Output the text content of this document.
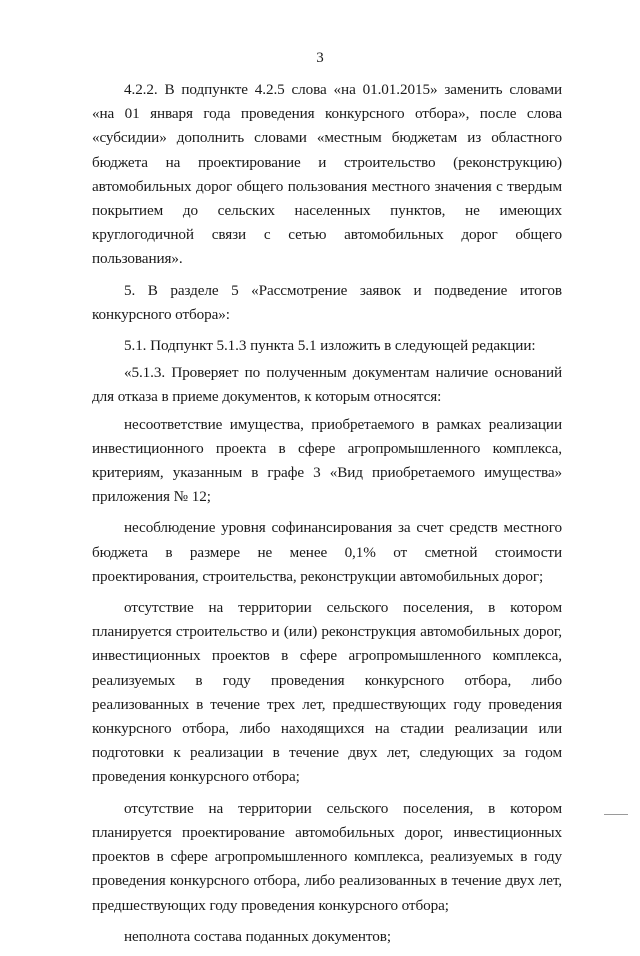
3

4.2.2. В подпункте 4.2.5 слова «на 01.01.2015» заменить словами «на 01 января года проведения конкурсного отбора», после слова «субсидии» дополнить словами «местным бюджетам из областного бюджета на проектирование и строительство (реконструкцию) автомобильных дорог общего пользования местного значения с твердым покрытием до сельских населенных пунктов, не имеющих круглогодичной связи с сетью автомобильных дорог общего пользования».

5. В разделе 5 «Рассмотрение заявок и подведение итогов конкурсного отбора»:

5.1. Подпункт 5.1.3 пункта 5.1 изложить в следующей редакции:

«5.1.3. Проверяет по полученным документам наличие оснований для отказа в приеме документов, к которым относятся:

несоответствие имущества, приобретаемого в рамках реализации инвестиционного проекта в сфере агропромышленного комплекса, критериям, указанным в графе 3 «Вид приобретаемого имущества» приложения № 12;

несоблюдение уровня софинансирования за счет средств местного бюджета в размере не менее 0,1% от сметной стоимости проектирования, строительства, реконструкции автомобильных дорог;

отсутствие на территории сельского поселения, в котором планируется строительство и (или) реконструкция автомобильных дорог, инвестиционных проектов в сфере агропромышленного комплекса, реализуемых в году проведения конкурсного отбора, либо реализованных в течение трех лет, предшествующих году проведения конкурсного отбора, либо находящихся на стадии реализации или подготовки к реализации в течение двух лет, следующих за годом проведения конкурсного отбора;

отсутствие на территории сельского поселения, в котором планируется проектирование автомобильных дорог, инвестиционных проектов в сфере агропромышленного комплекса, реализуемых в году проведения конкурсного отбора, либо реализованных в течение двух лет, предшествующих году проведения конкурсного отбора;

неполнота состава поданных документов;
